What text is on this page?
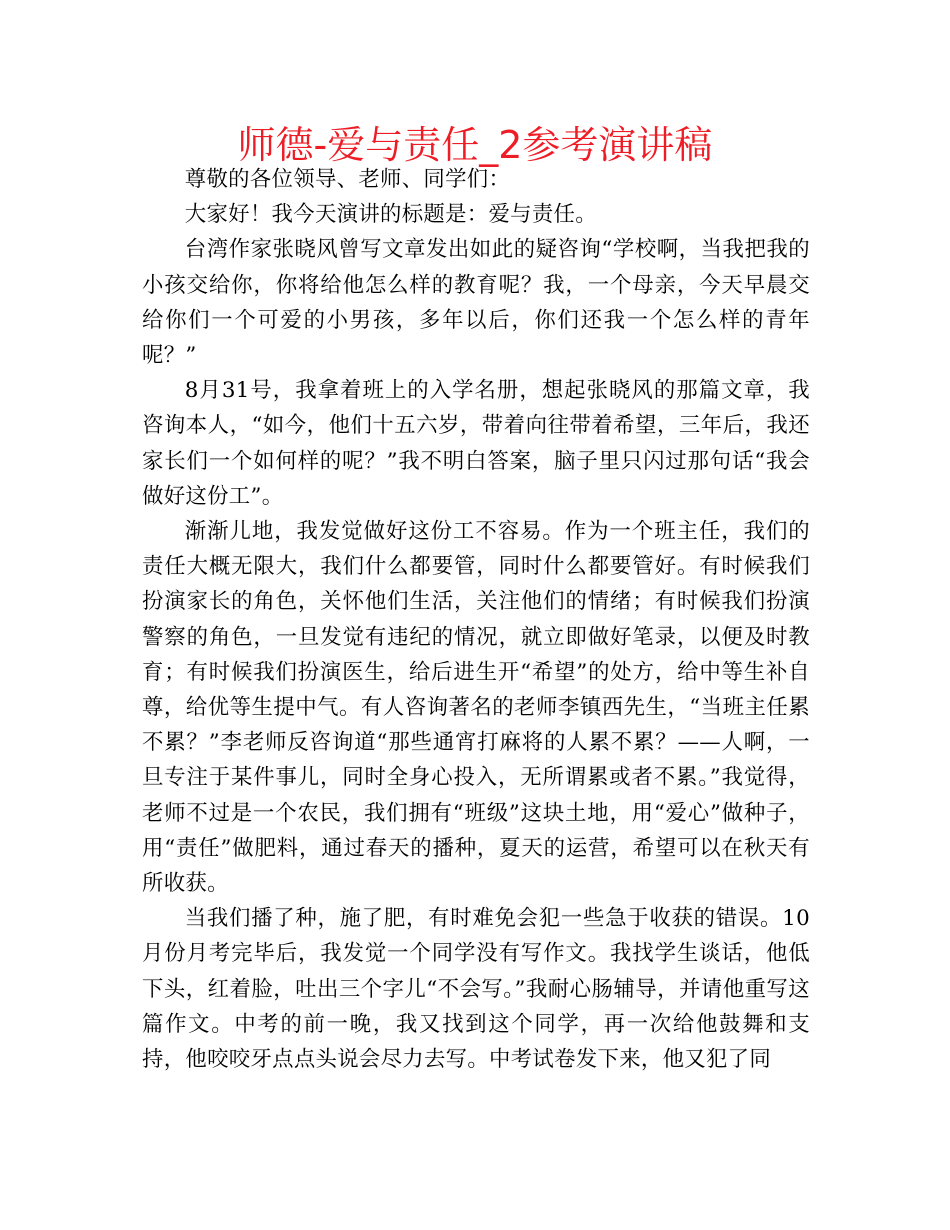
师德-爱与责任_2参考演讲稿

尊敬的各位领导、老师、同学们：

大家好！我今天演讲的标题是：爱与责任。

台湾作家张晓风曾写文章发出如此的疑咨询“学校啊，当我把我的小孩交给你，你将给他怎么样的教育呢？我，一个母亲，今天早晨交给你们一个可爱的小男孩，多年以后，你们还我一个怎么样的青年呢？”

8月31号，我拿着班上的入学名册，想起张晓风的那篇文章，我咨询本人，“如今，他们十五六岁，带着向往带着希望，三年后，我还家长们一个如何样的呢？”我不明白答案，脑子里只闪过那句话“我会做好这份工”。

渐渐儿地，我发觉做好这份工不容易。作为一个班主任，我们的责任大概无限大，我们什么都要管，同时什么都要管好。有时候我们扮演家长的角色，关怀他们生活，关注他们的情绪；有时候我们扮演警察的角色，一旦发觉有违纪的情况，就立即做好笔录，以便及时教育；有时候我们扮演医生，给后进生开“希望”的处方，给中等生补自尊，给优等生提中气。有人咨询著名的老师李镇西先生，“当班主任累不累？”李老师反咨询道“那些通宵打麻将的人累不累？——人啊，一旦专注于某件事儿，同时全身心投入，无所谓累或者不累。”我觉得，老师不过是一个农民，我们拥有“班级”这块土地，用“爱心”做种子，用“责任”做肥料，通过春天的播种，夏天的运营，希望可以在秋天有所收获。

当我们播了种，施了肥，有时难免会犯一些急于收获的错误。10月份月考完毕后，我发觉一个同学没有写作文。我找学生谈话，他低下头，红着脸，吐出三个字儿“不会写。”我耐心肠辅导，并请他重写这篇作文。中考的前一晚，我又找到这个同学，再一次给他鼓舞和支持，他咬咬牙点点头说会尽力去写。中考试卷发下来，他又犯了同
